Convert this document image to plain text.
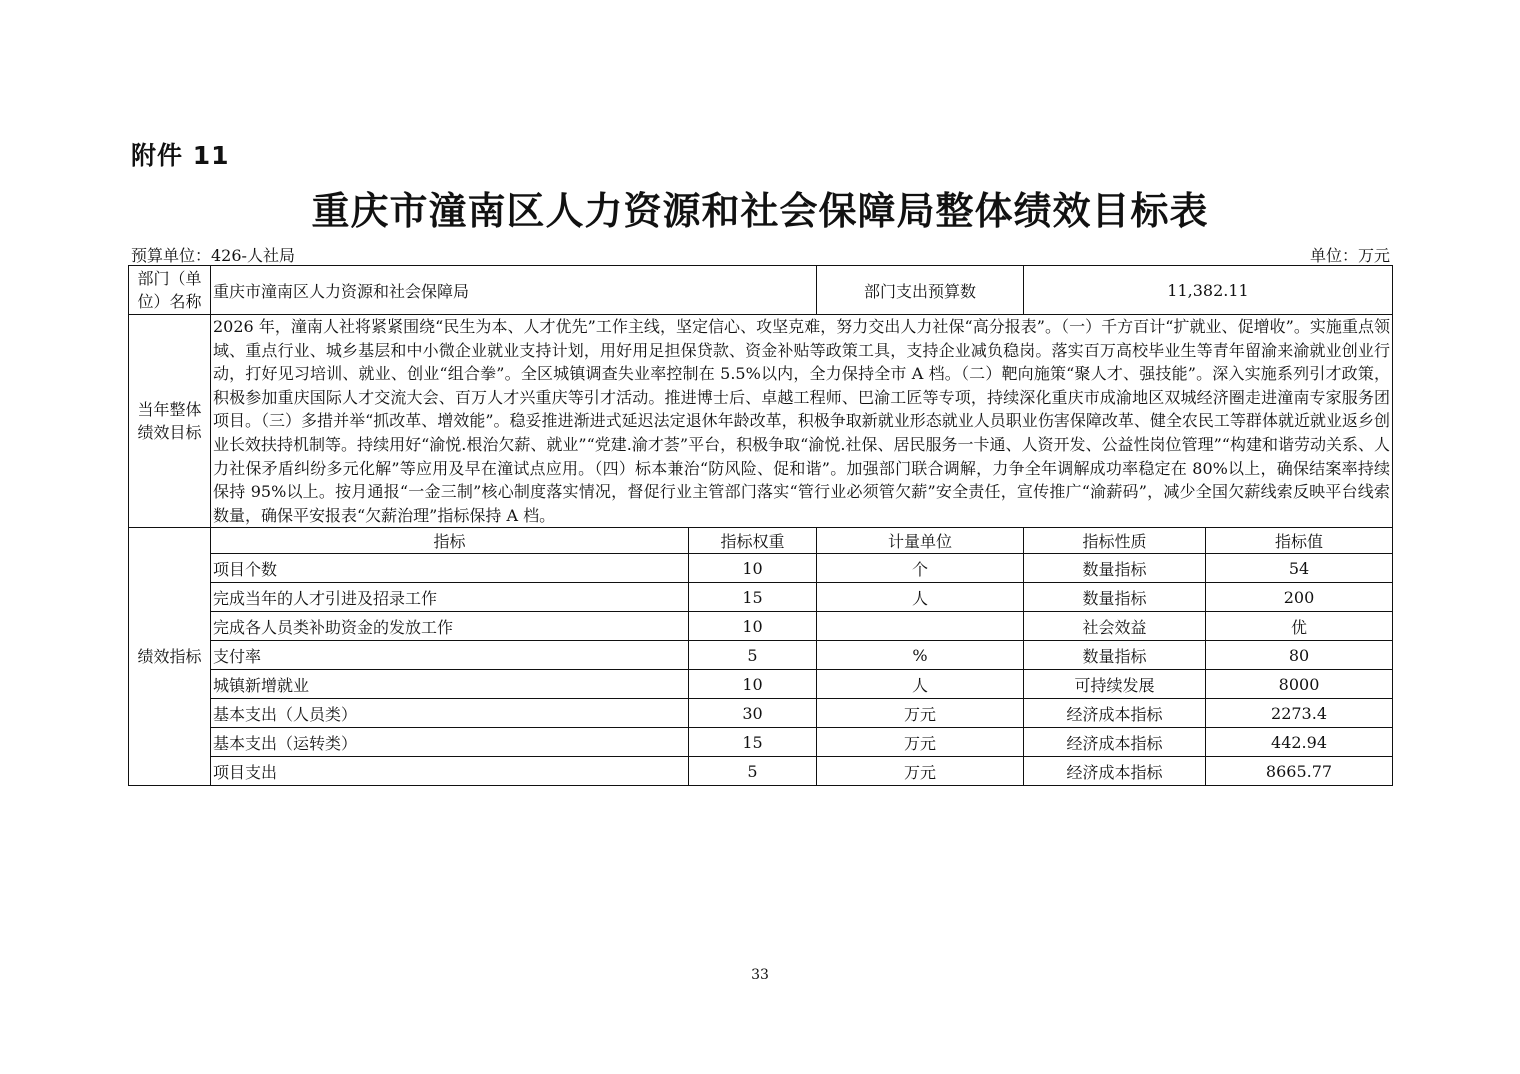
附件 11
重庆市潼南区人力资源和社会保障局整体绩效目标表
预算单位：426-人社局	单位：万元
部门（单位）名称	重庆市潼南区人力资源和社会保障局		部门支出预算数	11,382.11	
当年整体绩效目标	2026 年，潼南人社将紧紧围绕“民生为本、人才优先”工作主线，坚定信心、攻坚克难，努力交出人力社保“高分报表”。（一）千方百计“扩就业、促增收”。实施重点领域、重点行业、城乡基层和中小微企业就业支持计划，用好用足担保贷款、资金补贴等政策工具，支持企业减负稳岗。落实百万高校毕业生等青年留渝来渝就业创业行动，打好见习培训、就业、创业“组合拳”。全区城镇调查失业率控制在 5.5%以内，全力保持全市 A 档。（二）靶向施策“聚人才、强技能”。深入实施系列引才政策，积极参加重庆国际人才交流大会、百万人才兴重庆等引才活动。推进博士后、卓越工程师、巴渝工匠等专项，持续深化重庆市成渝地区双城经济圈走进潼南专家服务团项目。（三）多措并举“抓改革、增效能”。稳妥推进渐进式延迟法定退休年龄改革，积极争取新就业形态就业人员职业伤害保障改革、健全农民工等群体就近就业返乡创业长效扶持机制等。持续用好“渝悦.根治欠薪、就业”“党建.渝才荟”平台，积极争取“渝悦.社保、居民服务一卡通、人资开发、公益性岗位管理”“构建和谐劳动关系、人力社保矛盾纠纷多元化解”等应用及早在潼试点应用。（四）标本兼治“防风险、促和谐”。加强部门联合调解，力争全年调解成功率稳定在 80%以上，确保结案率持续保持 95%以上。按月通报“一金三制”核心制度落实情况，督促行业主管部门落实“管行业必须管欠薪”安全责任，宣传推广“渝薪码”，减少全国欠薪线索反映平台线索数量，确保平安报表“欠薪治理”指标保持 A 档。				
绩效指标	指标	指标权重	计量单位	指标性质	指标值
	项目个数	10	个	数量指标	54
	完成当年的人才引进及招录工作	15	人	数量指标	200
	完成各人员类补助资金的发放工作	10		社会效益	优
	支付率	5	%	数量指标	80
	城镇新增就业	10	人	可持续发展	8000
	基本支出（人员类）	30	万元	经济成本指标	2273.4
	基本支出（运转类）	15	万元	经济成本指标	442.94
	项目支出	5	万元	经济成本指标	8665.77
33
